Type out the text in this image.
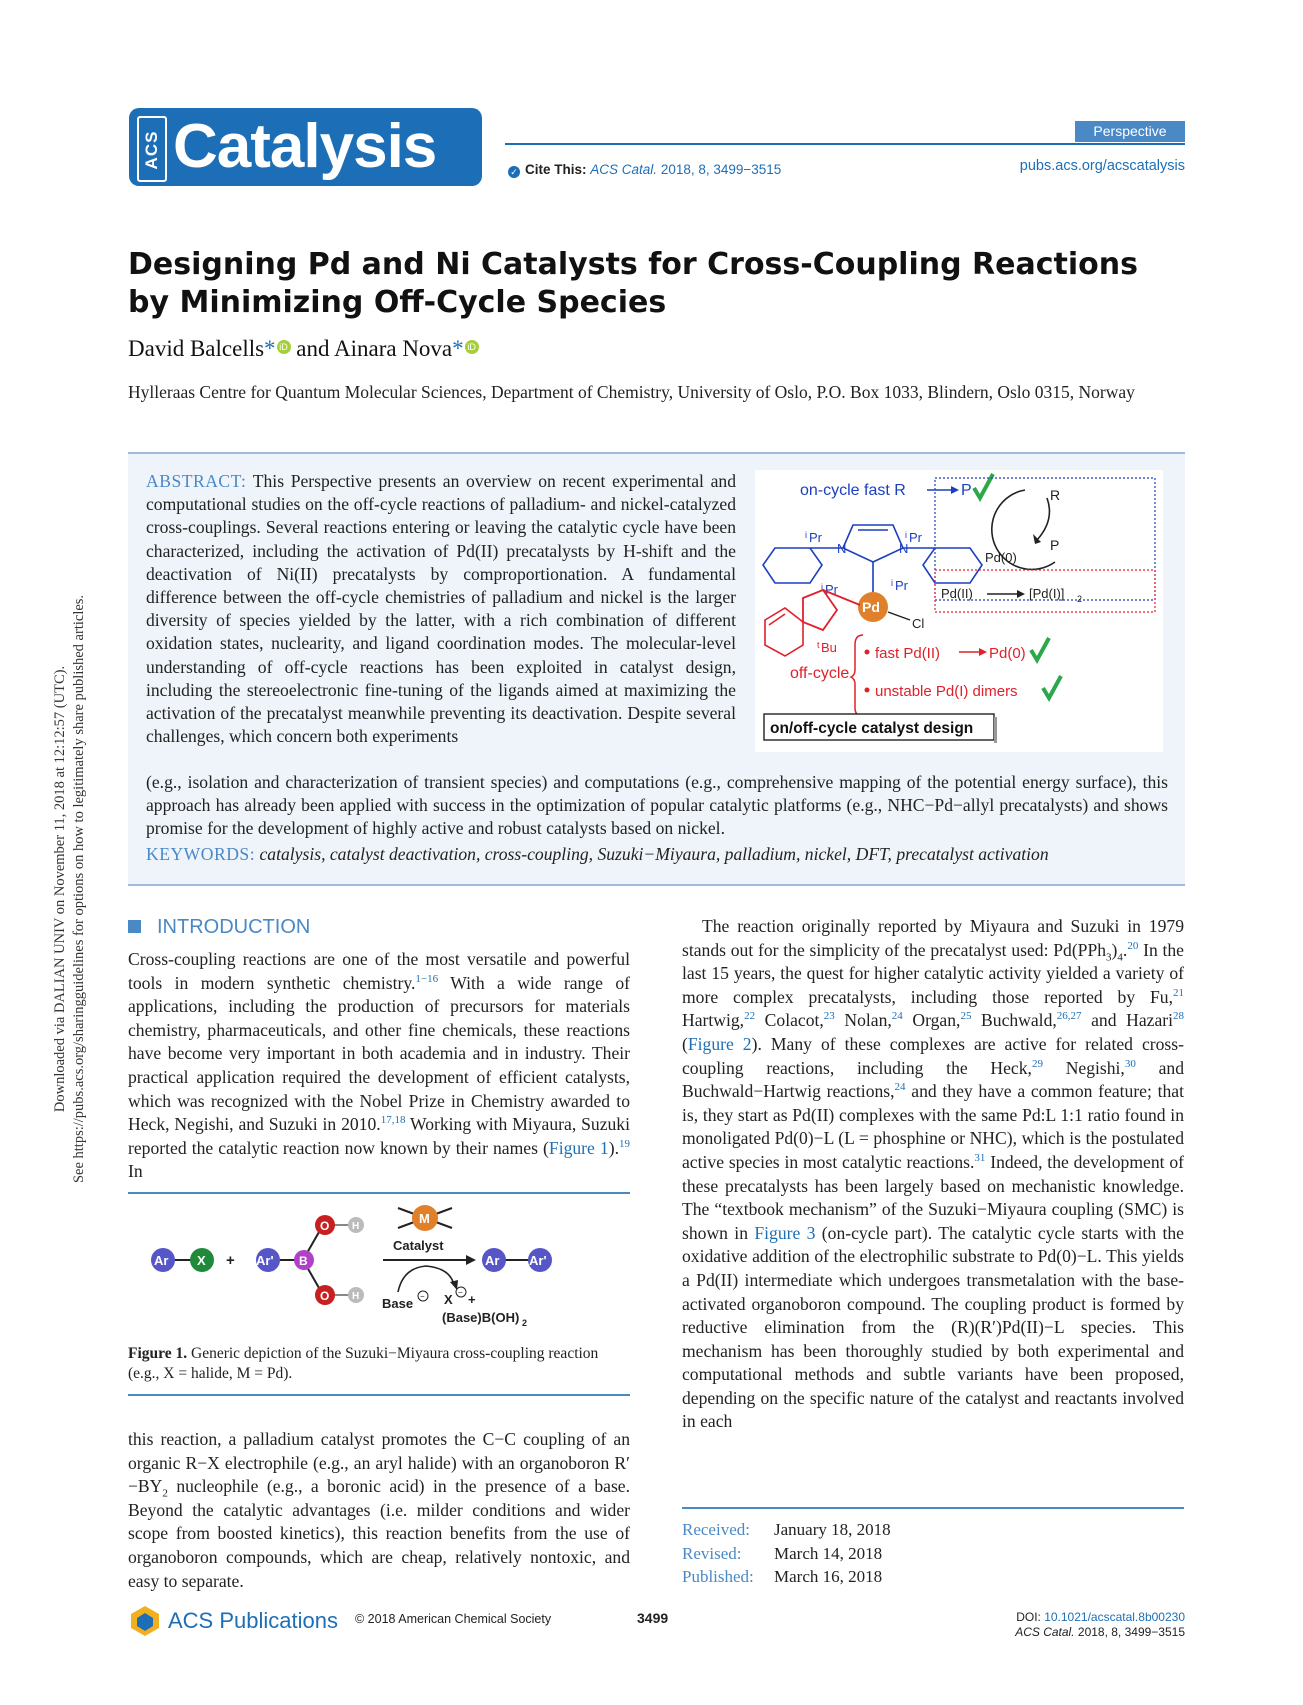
Downloaded via DALIAN UNIV on November 11, 2018 at 12:12:57 (UTC). See https://pubs.acs.org/sharingguidelines for options on how to legitimately share published articles.
ACS Catalysis	Perspective
✓ Cite This: ACS Catal. 2018, 8, 3499−3515	pubs.acs.org/acscatalysis
Designing Pd and Ni Catalysts for Cross-Coupling Reactions by Minimizing Off-Cycle Species
David Balcells* iD and Ainara Nova* iD
Hylleraas Centre for Quantum Molecular Sciences, Department of Chemistry, University of Oslo, P.O. Box 1033, Blindern, Oslo 0315, Norway
ABSTRACT: This Perspective presents an overview on recent experimental and computational studies on the off-cycle reactions of palladium- and nickel-catalyzed cross-couplings. Several reactions entering or leaving the catalytic cycle have been characterized, including the activation of Pd(II) precatalysts by H-shift and the deactivation of Ni(II) precatalysts by comproportionation. A fundamental difference between the off-cycle chemistries of palladium and nickel is the larger diversity of species yielded by the latter, with a rich combination of different oxidation states, nuclearity, and ligand coordination modes. The molecular-level understanding of off-cycle reactions has been exploited in catalyst design, including the stereoelectronic fine-tuning of the ligands aimed at maximizing the activation of the precatalyst meanwhile preventing its deactivation. Despite several challenges, which concern both experiments
(e.g., isolation and characterization of transient species) and computations (e.g., comprehensive mapping of the potential energy surface), this approach has already been applied with success in the optimization of popular catalytic platforms (e.g., NHC−Pd−allyl precatalysts) and shows promise for the development of highly active and robust catalysts based on nickel.
KEYWORDS: catalysis, catalyst deactivation, cross-coupling, Suzuki−Miyaura, palladium, nickel, DFT, precatalyst activation
on-cycle fast R	P
N	N
i Pr	i Pr
i Pr	i Pr
Pd
Cl
t Bu
off-cycle
fast Pd(II)	Pd(0)
unstable Pd(I) dimers
R
P
Pd(0)
Pd(II)	[Pd(I)] 2
on/off-cycle catalyst design
INTRODUCTION
Cross-coupling reactions are one of the most versatile and powerful tools in modern synthetic chemistry.$^{1-16}$ With a wide range of applications, including the production of precursors for materials chemistry, pharmaceuticals, and other fine chemicals, these reactions have become very important in both academia and in industry. Their practical application required the development of efficient catalysts, which was recognized with the Nobel Prize in Chemistry awarded to Heck, Negishi, and Suzuki in 2010.$^{17,18}$ Working with Miyaura, Suzuki reported the catalytic reaction now known by their names (Figure 1).$^{19}$ In
Ar X + Ar' B
O
O
H
H
M
Catalyst
Base − X − +
(Base)B(OH) 2
Ar Ar'
Figure 1. Generic depiction of the Suzuki−Miyaura cross-coupling reaction (e.g., X = halide, M = Pd).
this reaction, a palladium catalyst promotes the C−C coupling of an organic R−X electrophile (e.g., an aryl halide) with an organoboron $R'-BY_2$ nucleophile (e.g., a boronic acid) in the presence of a base. Beyond the catalytic advantages (i.e. milder conditions and wider scope from boosted kinetics), this reaction benefits from the use of organoboron compounds, which are cheap, relatively nontoxic, and easy to separate.
The reaction originally reported by Miyaura and Suzuki in 1979 stands out for the simplicity of the precatalyst used: $Pd(PPh_3)_4.^{20}$ In the last 15 years, the quest for higher catalytic activity yielded a variety of more complex precatalysts, including those reported by Fu,$^{21}$ Hartwig,$^{22}$ Colacot,$^{23}$ Nolan,$^{24}$ Organ,$^{25}$ Buchwald,$^{26,27}$ and Hazari$^{28}$ (Figure 2). Many of these complexes are active for related cross-coupling reactions, including the Heck,$^{29}$ Negishi,$^{30}$ and Buchwald−Hartwig reactions,$^{24}$ and they have a common feature; that is, they start as Pd(II) complexes with the same Pd:L 1:1 ratio found in monoligated Pd(0)−L (L = phosphine or NHC), which is the postulated active species in most catalytic reactions.$^{31}$ Indeed, the development of these precatalysts has been largely based on mechanistic knowledge. The “textbook mechanism” of the Suzuki−Miyaura coupling (SMC) is shown in Figure 3 (on-cycle part). The catalytic cycle starts with the oxidative addition of the electrophilic substrate to Pd(0)−L. This yields a Pd(II) intermediate which undergoes transmetalation with the base-activated organoboron compound. The coupling product is formed by reductive elimination from the (R)(R′)Pd(II)−L species. This mechanism has been thoroughly studied by both experimental and computational methods and subtle variants have been proposed, depending on the specific nature of the catalyst and reactants involved in each
Received: January 18, 2018
Revised: March 14, 2018
Published: March 16, 2018
ACS Publications © 2018 American Chemical Society	3499	DOI: 10.1021/acscatal.8b00230
ACS Catal. 2018, 8, 3499−3515
